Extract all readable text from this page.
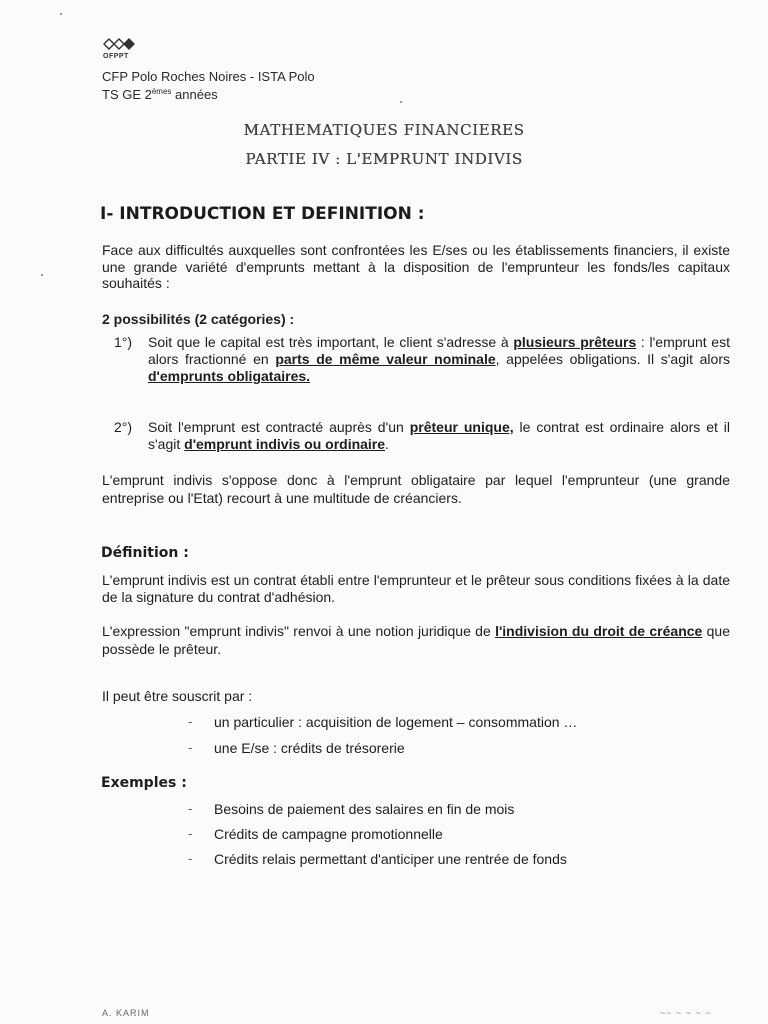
OFPPT
CFP Polo Roches Noires - ISTA Polo
TS GE 2èmes années
MATHEMATIQUES FINANCIERES
PARTIE IV : L'EMPRUNT INDIVIS
I- INTRODUCTION ET DEFINITION :
Face aux difficultés auxquelles sont confrontées les E/ses ou les établissements financiers, il existe une grande variété d'emprunts mettant à la disposition de l'emprunteur les fonds/les capitaux souhaités :
2 possibilités (2 catégories) :
1°) Soit que le capital est très important, le client s'adresse à plusieurs prêteurs : l'emprunt est alors fractionné en parts de même valeur nominale, appelées obligations. Il s'agit alors d'emprunts obligataires.
2°) Soit l'emprunt est contracté auprès d'un prêteur unique, le contrat est ordinaire alors et il s'agit d'emprunt indivis ou ordinaire.
L'emprunt indivis s'oppose donc à l'emprunt obligataire par lequel l'emprunteur (une grande entreprise ou l'Etat) recourt à une multitude de créanciers.
Définition :
L'emprunt indivis est un contrat établi entre l'emprunteur et le prêteur sous conditions fixées à la date de la signature du contrat d'adhésion.
L'expression "emprunt indivis" renvoi à une notion juridique de l'indivision du droit de créance que possède le prêteur.
Il peut être souscrit par :
- un particulier : acquisition de logement – consommation …
- une E/se : crédits de trésorerie
Exemples :
- Besoins de paiement des salaires en fin de mois
- Crédits de campagne promotionnelle
- Crédits relais permettant d'anticiper une rentrée de fonds
A. KARIM	~~ ~ ~ ~ ~
